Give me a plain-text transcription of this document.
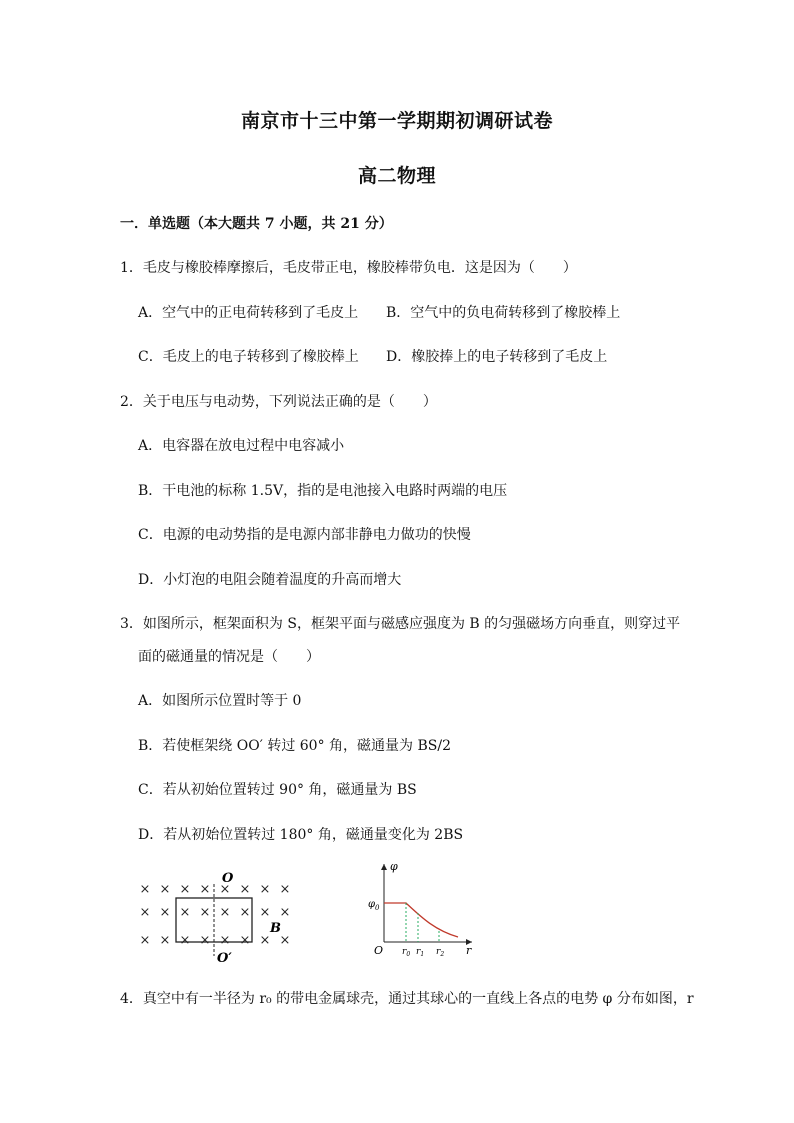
南京市十三中第一学期期初调研试卷
高二物理
一．单选题（本大题共 7 小题，共 21 分）
1．毛皮与橡胶棒摩擦后，毛皮带正电，橡胶棒带负电．这是因为（　　）
A．空气中的正电荷转移到了毛皮上 B．空气中的负电荷转移到了橡胶棒上
C．毛皮上的电子转移到了橡胶棒上 D．橡胶捧上的电子转移到了毛皮上
2．关于电压与电动势，下列说法正确的是（　　）
A．电容器在放电过程中电容减小
B．干电池的标称 1.5V，指的是电池接入电路时两端的电压
C．电源的电动势指的是电源内部非静电力做功的快慢
D．小灯泡的电阻会随着温度的升高而增大
3．如图所示，框架面积为 S，框架平面与磁感应强度为 B 的匀强磁场方向垂直，则穿过平
面的磁通量的情况是（　　）
A．如图所示位置时等于 0
B．若使框架绕 OO′ 转过 60° 角，磁通量为 BS/2
C．若从初始位置转过 90° 角，磁通量为 BS
D．若从初始位置转过 180° 角，磁通量变化为 2BS
× × × × × × × ×
× × × × × × × ×
× × × × × × × ×
O
O′
B
φ
O	r
$\varphi_0$
$r_0$ $r_1$ $r_2$
4．真空中有一半径为 r₀ 的带电金属球壳，通过其球心的一直线上各点的电势 φ 分布如图，r
